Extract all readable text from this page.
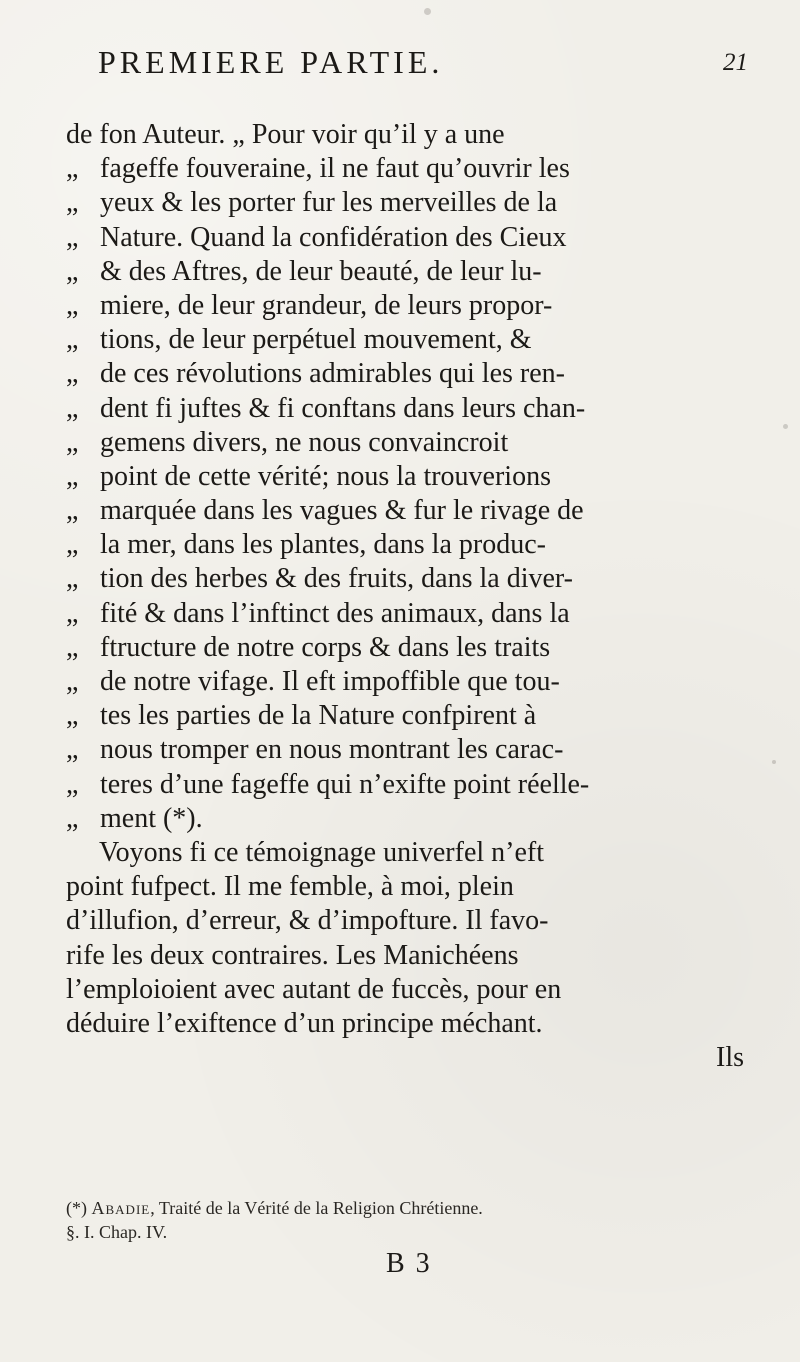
PREMIERE PARTIE.	21
de fon Auteur. „ Pour voir qu’il y a une
„ fageffe fouveraine, il ne faut qu’ouvrir les
„ yeux & les porter fur les merveilles de la
„ Nature. Quand la confidération des Cieux
„ & des Aftres, de leur beauté, de leur lu-
„ miere, de leur grandeur, de leurs propor-
„ tions, de leur perpétuel mouvement, &
„ de ces révolutions admirables qui les ren-
„ dent fi juftes & fi conftans dans leurs chan-
„ gemens divers, ne nous convaincroit
„ point de cette vérité; nous la trouverions
„ marquée dans les vagues & fur le rivage de
„ la mer, dans les plantes, dans la produc-
„ tion des herbes & des fruits, dans la diver-
„ fité & dans l’inftinct des animaux, dans la
„ ftructure de notre corps & dans les traits
„ de notre vifage. Il eft impoffible que tou-
„ tes les parties de la Nature confpirent à
„ nous tromper en nous montrant les carac-
„ teres d’une fageffe qui n’exifte point réelle-
„ ment (*).
Voyons fi ce témoignage univerfel n’eft
point fufpect. Il me femble, à moi, plein
d’illufion, d’erreur, & d’impofture. Il favo-
rife les deux contraires. Les Manichéens
l’emploioient avec autant de fuccès, pour en
déduire l’exiftence d’un principe méchant.
Ils
(*) Abadie, Traité de la Vérité de la Religion Chrétienne.
§. I. Chap. IV.
B 3
